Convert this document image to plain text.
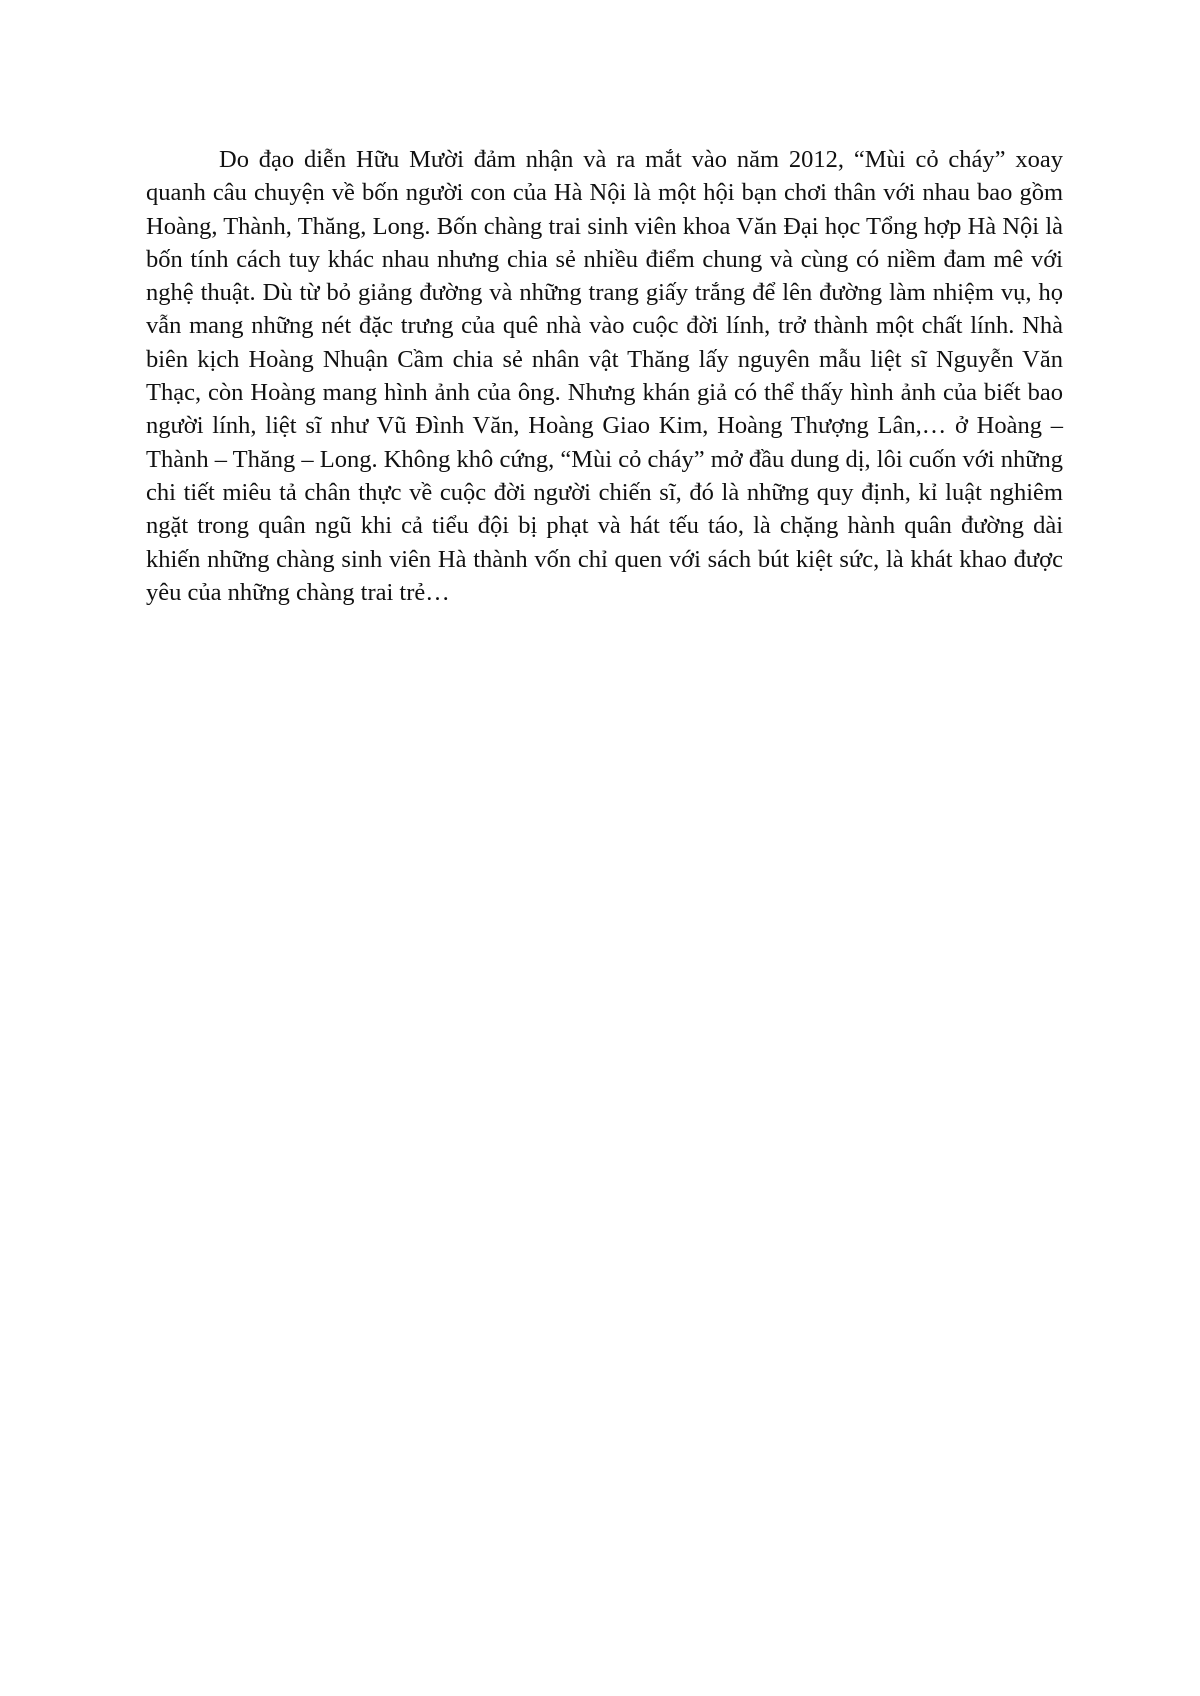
Do đạo diễn Hữu Mười đảm nhận và ra mắt vào năm 2012, “Mùi cỏ cháy” xoay quanh câu chuyện về bốn người con của Hà Nội là một hội bạn chơi thân với nhau bao gồm Hoàng, Thành, Thăng, Long. Bốn chàng trai sinh viên khoa Văn Đại học Tổng hợp Hà Nội là bốn tính cách tuy khác nhau nhưng chia sẻ nhiều điểm chung và cùng có niềm đam mê với nghệ thuật. Dù từ bỏ giảng đường và những trang giấy trắng để lên đường làm nhiệm vụ, họ vẫn mang những nét đặc trưng của quê nhà vào cuộc đời lính, trở thành một chất lính. Nhà biên kịch Hoàng Nhuận Cầm chia sẻ nhân vật Thăng lấy nguyên mẫu liệt sĩ Nguyễn Văn Thạc, còn Hoàng mang hình ảnh của ông. Nhưng khán giả có thể thấy hình ảnh của biết bao người lính, liệt sĩ như Vũ Đình Văn, Hoàng Giao Kim, Hoàng Thượng Lân,… ở Hoàng – Thành – Thăng – Long. Không khô cứng, “Mùi cỏ cháy” mở đầu dung dị, lôi cuốn với những chi tiết miêu tả chân thực về cuộc đời người chiến sĩ, đó là những quy định, kỉ luật nghiêm ngặt trong quân ngũ khi cả tiểu đội bị phạt và hát tếu táo, là chặng hành quân đường dài khiến những chàng sinh viên Hà thành vốn chỉ quen với sách bút kiệt sức, là khát khao được yêu của những chàng trai trẻ…
